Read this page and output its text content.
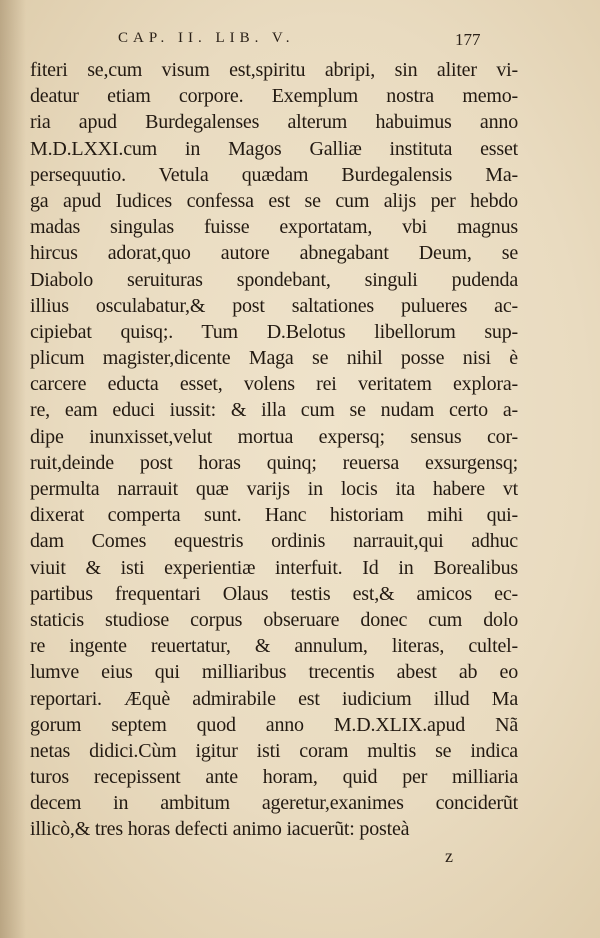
CAP. II. LIB. V.	177
fiteri se,cum visum est,spiritu abripi, sin aliter vi-
deatur etiam corpore. Exemplum nostra memo-
ria apud Burdegalenses alterum habuimus anno
M.D.LXXI.cum in Magos Galliæ instituta esset
persequutio. Vetula quædam Burdegalensis Ma-
ga apud Iudices confessa est se cum alijs per hebdo
madas singulas fuisse exportatam, vbi magnus
hircus adorat,quo autore abnegabant Deum, se
Diabolo seruituras spondebant, singuli pudenda
illius osculabatur,& post saltationes pulueres ac-
cipiebat quisq;. Tum D.Belotus libellorum sup-
plicum magister,dicente Maga se nihil posse nisi è
carcere educta esset, volens rei veritatem explora-
re, eam educi iussit: & illa cum se nudam certo a-
dipe inunxisset,velut mortua expersq; sensus cor-
ruit,deinde post horas quinq; reuersa exsurgensq;
permulta narrauit quæ varijs in locis ita habere vt
dixerat comperta sunt. Hanc historiam mihi qui-
dam Comes equestris ordinis narrauit,qui adhuc
viuit & isti experientiæ interfuit. Id in Borealibus
partibus frequentari Olaus testis est,& amicos ec-
staticis studiose corpus obseruare donec cum dolo
re ingente reuertatur, & annulum, literas, cultel-
lumve eius qui milliaribus trecentis abest ab eo
reportari. Æquè admirabile est iudicium illud Ma
gorum septem quod anno M.D.XLIX.apud Nã
netas didici.Cùm igitur isti coram multis se indica
turos recepissent ante horam, quid per milliaria
decem in ambitum ageretur,exanimes conciderũt
illicò,& tres horas defecti animo iacuerũt: posteà
z
